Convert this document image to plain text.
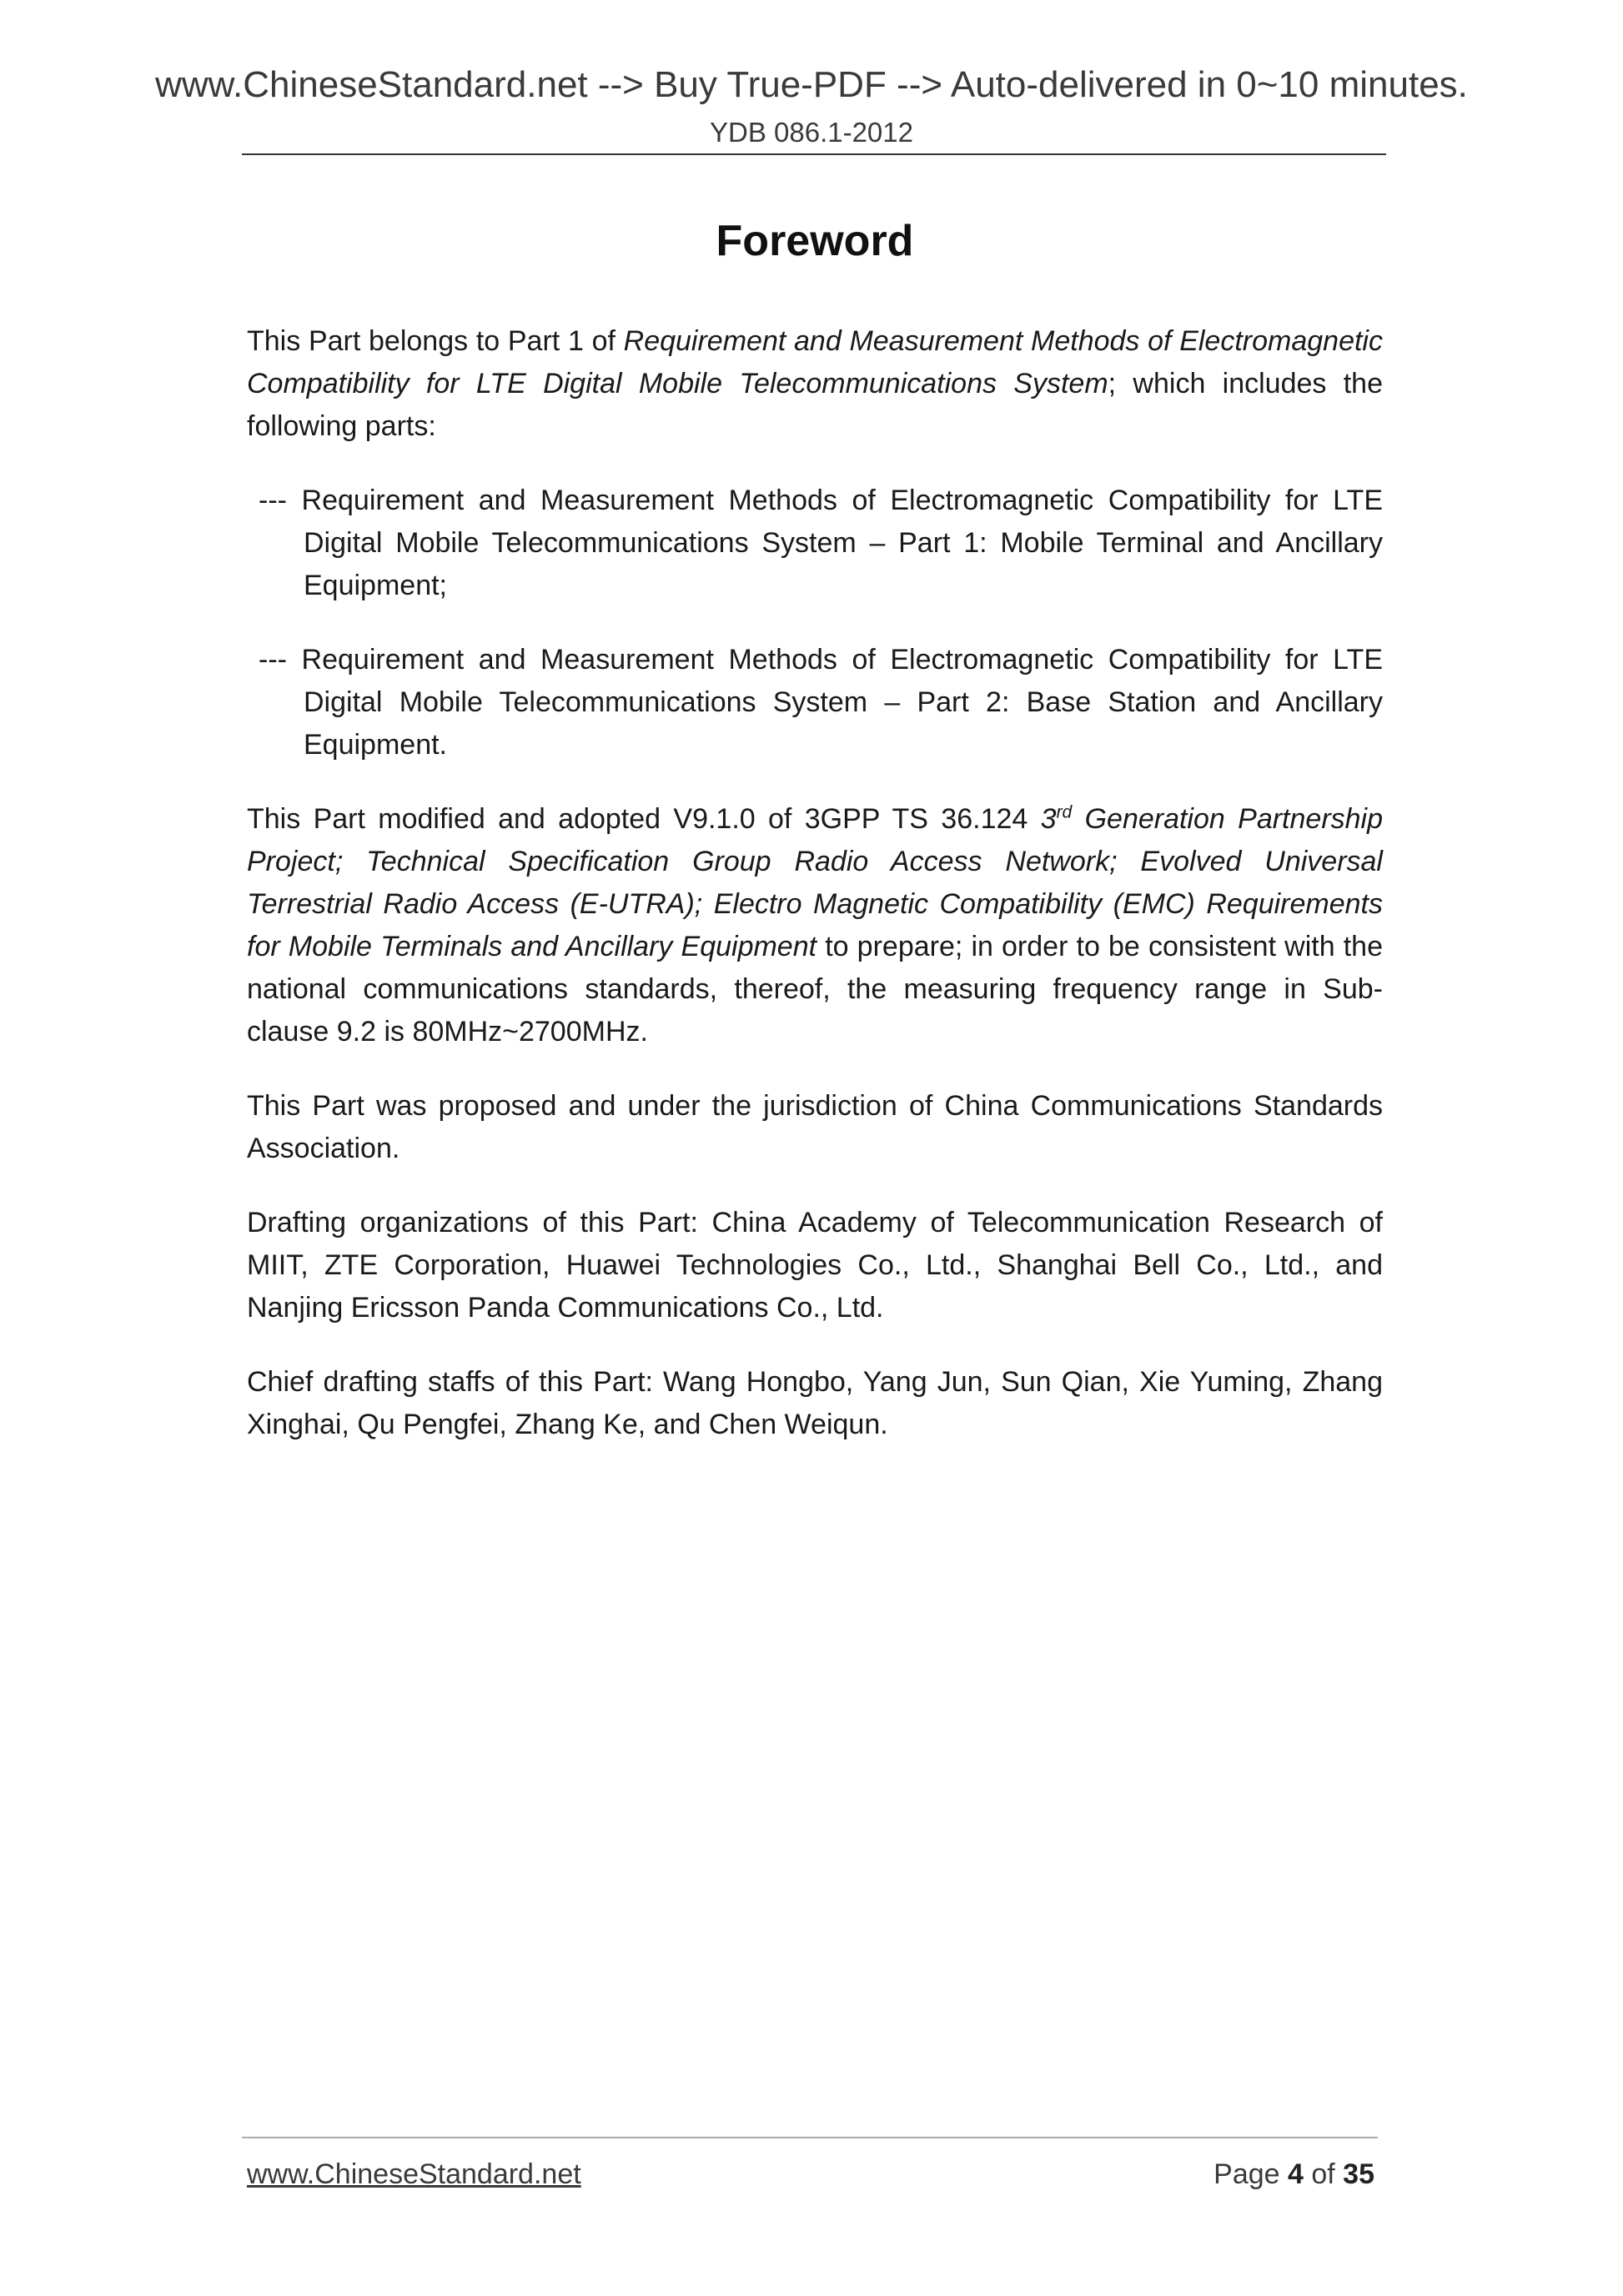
www.ChineseStandard.net --> Buy True-PDF --> Auto-delivered in 0~10 minutes.
YDB 086.1-2012
Foreword

This Part belongs to Part 1 of Requirement and Measurement Methods of Electromagnetic Compatibility for LTE Digital Mobile Telecommunications System; which includes the following parts:

--- Requirement and Measurement Methods of Electromagnetic Compatibility for LTE Digital Mobile Telecommunications System – Part 1: Mobile Terminal and Ancillary Equipment;

--- Requirement and Measurement Methods of Electromagnetic Compatibility for LTE Digital Mobile Telecommunications System – Part 2: Base Station and Ancillary Equipment.

This Part modified and adopted V9.1.0 of 3GPP TS 36.124 3rd Generation Partnership Project; Technical Specification Group Radio Access Network; Evolved Universal Terrestrial Radio Access (E-UTRA); Electro Magnetic Compatibility (EMC) Requirements for Mobile Terminals and Ancillary Equipment to prepare; in order to be consistent with the national communications standards, thereof, the measuring frequency range in Sub-clause 9.2 is 80MHz~2700MHz.

This Part was proposed and under the jurisdiction of China Communications Standards Association.

Drafting organizations of this Part: China Academy of Telecommunication Research of MIIT, ZTE Corporation, Huawei Technologies Co., Ltd., Shanghai Bell Co., Ltd., and Nanjing Ericsson Panda Communications Co., Ltd.

Chief drafting staffs of this Part: Wang Hongbo, Yang Jun, Sun Qian, Xie Yuming, Zhang Xinghai, Qu Pengfei, Zhang Ke, and Chen Weiqun.

www.ChineseStandard.net	Page 4 of 35
